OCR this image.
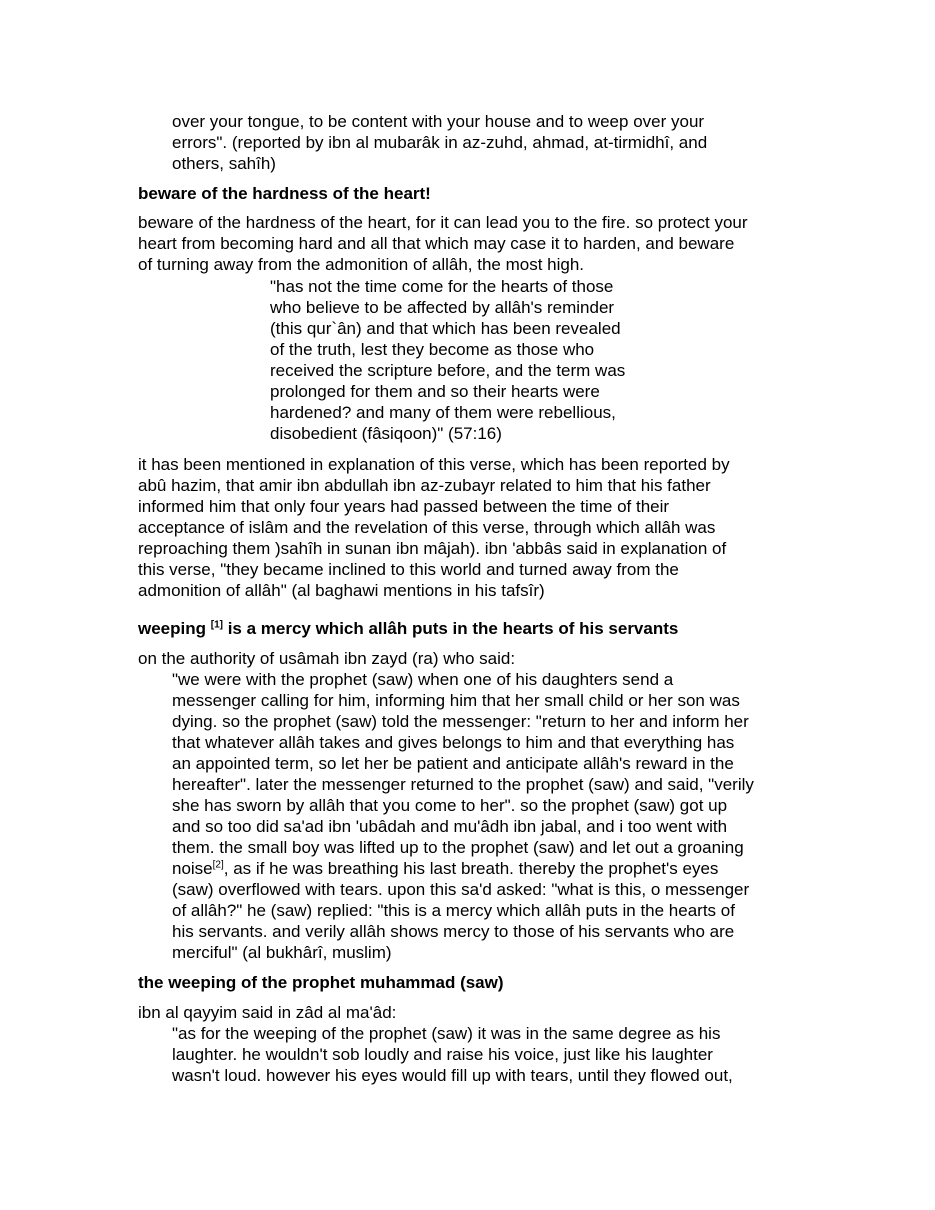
over your tongue, to be content with your house and to weep over your
errors". (reported by ibn al mubarâk in az-zuhd, ahmad, at-tirmidhî, and
others, sahîh)
beware of the hardness of the heart!
beware of the hardness of the heart, for it can lead you to the fire. so protect your
heart from becoming hard and all that which may case it to harden, and beware
of turning away from the admonition of allâh, the most high.
"has not the time come for the hearts of those
who believe to be affected by allâh's reminder
(this qur`ân) and that which has been revealed
of the truth, lest they become as those who
received the scripture before, and the term was
prolonged for them and so their hearts were
hardened? and many of them were rebellious,
disobedient (fâsiqoon)" (57:16)
it has been mentioned in explanation of this verse, which has been reported by
abû hazim, that amir ibn abdullah ibn az-zubayr related to him that his father
informed him that only four years had passed between the time of their
acceptance of islâm and the revelation of this verse, through which allâh was
reproaching them )sahîh in sunan ibn mâjah). ibn 'abbâs said in explanation of
this verse, "they became inclined to this world and turned away from the
admonition of allâh" (al baghawi mentions in his tafsîr)
weeping [1] is a mercy which allâh puts in the hearts of his servants
on the authority of usâmah ibn zayd (ra) who said:
"we were with the prophet (saw) when one of his daughters send a
messenger calling for him, informing him that her small child or her son was
dying. so the prophet (saw) told the messenger: "return to her and inform her
that whatever allâh takes and gives belongs to him and that everything has
an appointed term, so let her be patient and anticipate allâh's reward in the
hereafter". later the messenger returned to the prophet (saw) and said, "verily
she has sworn by allâh that you come to her". so the prophet (saw) got up
and so too did sa'ad ibn 'ubâdah and mu'âdh ibn jabal, and i too went with
them. the small boy was lifted up to the prophet (saw) and let out a groaning
noise[2], as if he was breathing his last breath. thereby the prophet's eyes
(saw) overflowed with tears. upon this sa'd asked: "what is this, o messenger
of allâh?" he (saw) replied: "this is a mercy which allâh puts in the hearts of
his servants. and verily allâh shows mercy to those of his servants who are
merciful" (al bukhârî, muslim)
the weeping of the prophet muhammad (saw)
ibn al qayyim said in zâd al ma'âd:
"as for the weeping of the prophet (saw) it was in the same degree as his
laughter. he wouldn't sob loudly and raise his voice, just like his laughter
wasn't loud. however his eyes would fill up with tears, until they flowed out,
